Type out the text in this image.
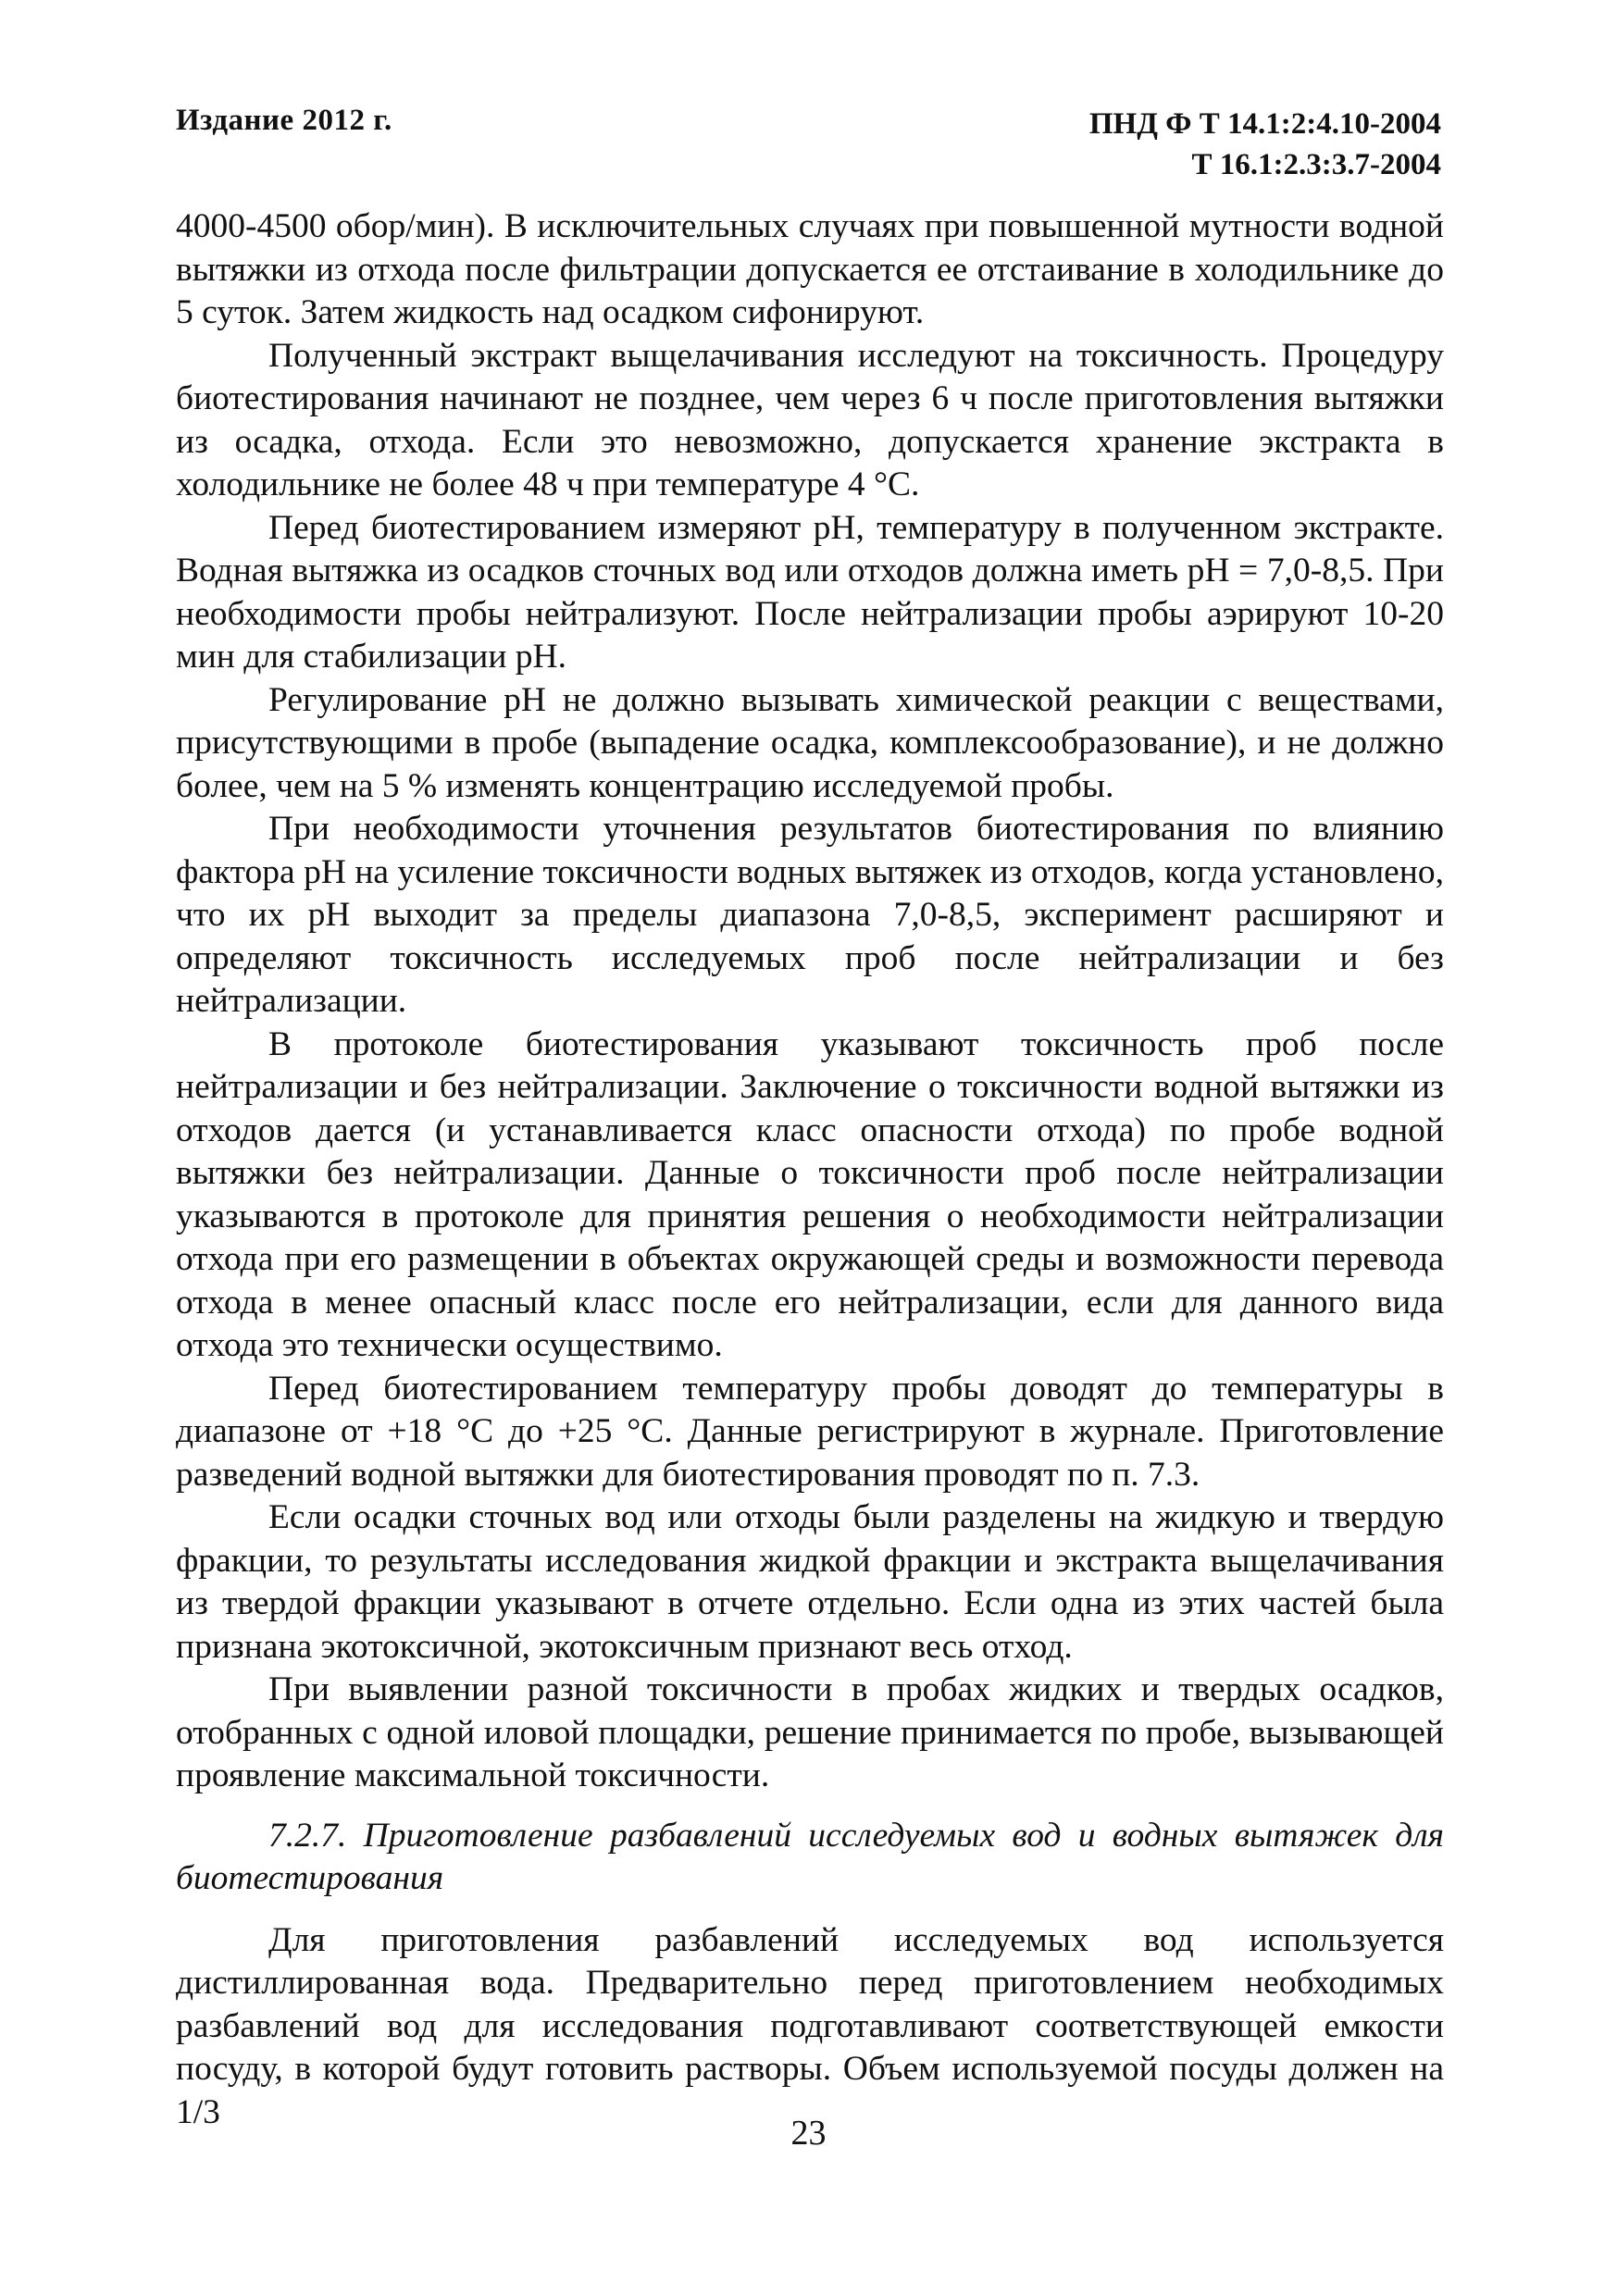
Издание 2012 г.	ПНД Ф Т 14.1:2:4.10-2004
Т 16.1:2.3:3.7-2004

4000-4500 обор/мин). В исключительных случаях при повышенной мутности водной вытяжки из отхода после фильтрации допускается ее отстаивание в холодильнике до 5 суток. Затем жидкость над осадком сифонируют.

Полученный экстракт выщелачивания исследуют на токсичность. Процедуру биотестирования начинают не позднее, чем через 6 ч после приготовления вытяжки из осадка, отхода. Если это невозможно, допускается хранение экстракта в холодильнике не более 48 ч при температуре 4 °С.

Перед биотестированием измеряют pH, температуру в полученном экстракте. Водная вытяжка из осадков сточных вод или отходов должна иметь pH = 7,0-8,5. При необходимости пробы нейтрализуют. После нейтрализации пробы аэрируют 10-20 мин для стабилизации pH.

Регулирование pH не должно вызывать химической реакции с веществами, присутствующими в пробе (выпадение осадка, комплексообразование), и не должно более, чем на 5 % изменять концентрацию исследуемой пробы.

При необходимости уточнения результатов биотестирования по влиянию фактора pH на усиление токсичности водных вытяжек из отходов, когда установлено, что их pH выходит за пределы диапазона 7,0-8,5, эксперимент расширяют и определяют токсичность исследуемых проб после нейтрализации и без нейтрализации.

В протоколе биотестирования указывают токсичность проб после нейтрализации и без нейтрализации. Заключение о токсичности водной вытяжки из отходов дается (и устанавливается класс опасности отхода) по пробе водной вытяжки без нейтрализации. Данные о токсичности проб после нейтрализации указываются в протоколе для принятия решения о необходимости нейтрализации отхода при его размещении в объектах окружающей среды и возможности перевода отхода в менее опасный класс после его нейтрализации, если для данного вида отхода это технически осуществимо.

Перед биотестированием температуру пробы доводят до температуры в диапазоне от +18 °С до +25 °С. Данные регистрируют в журнале. Приготовление разведений водной вытяжки для биотестирования проводят по п. 7.3.

Если осадки сточных вод или отходы были разделены на жидкую и твердую фракции, то результаты исследования жидкой фракции и экстракта выщелачивания из твердой фракции указывают в отчете отдельно. Если одна из этих частей была признана экотоксичной, экотоксичным признают весь отход.

При выявлении разной токсичности в пробах жидких и твердых осадков, отобранных с одной иловой площадки, решение принимается по пробе, вызывающей проявление максимальной токсичности.

7.2.7. Приготовление разбавлений исследуемых вод и водных вытяжек для биотестирования

Для приготовления разбавлений исследуемых вод используется дистиллированная вода. Предварительно перед приготовлением необходимых разбавлений вод для исследования подготавливают соответствующей емкости посуду, в которой будут готовить растворы. Объем используемой посуды должен на 1/3

23
